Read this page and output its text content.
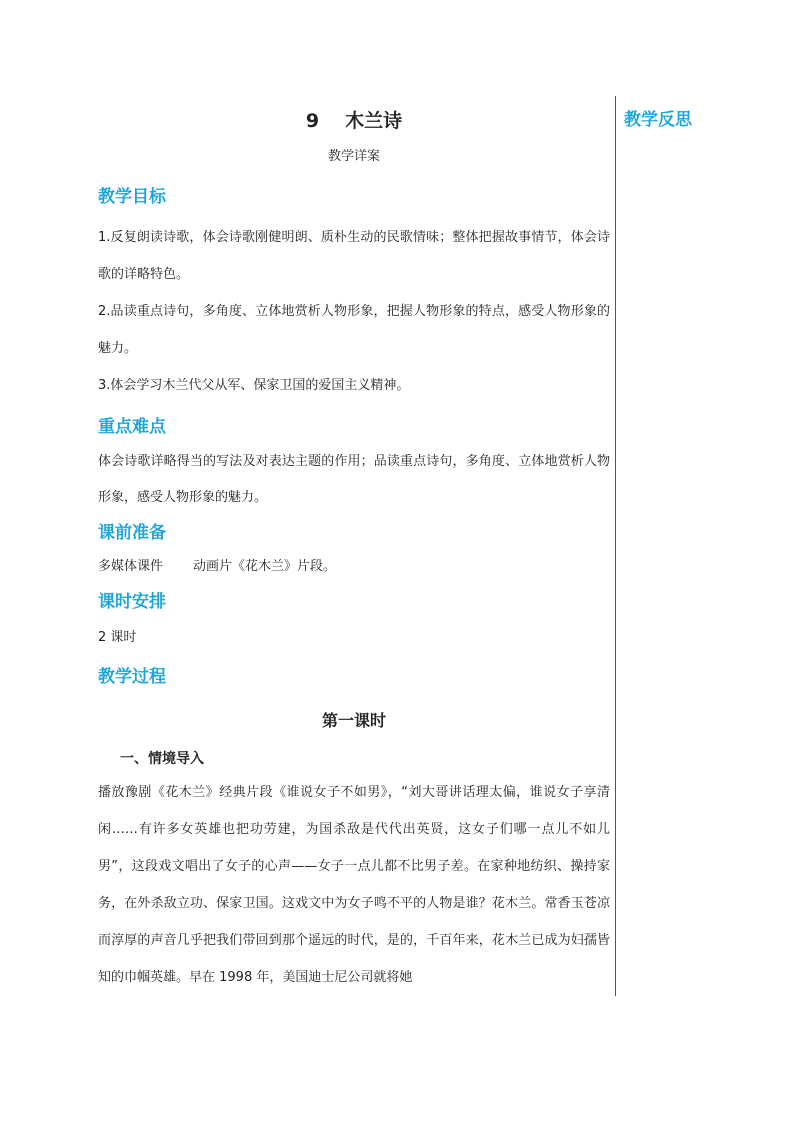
教学反思
9 木兰诗
教学详案
教学目标

1.反复朗读诗歌，体会诗歌刚健明朗、质朴生动的民歌情味；整体把握故事情节，体会诗歌的详略特色。

2.品读重点诗句，多角度、立体地赏析人物形象，把握人物形象的特点，感受人物形象的魅力。

3.体会学习木兰代父从军、保家卫国的爱国主义精神。

重点难点

体会诗歌详略得当的写法及对表达主题的作用；品读重点诗句，多角度、立体地赏析人物形象，感受人物形象的魅力。

课前准备

多媒体课件 动画片《花木兰》片段。

课时安排

2 课时

教学过程
第一课时
一、情境导入

播放豫剧《花木兰》经典片段《谁说女子不如男》，“刘大哥讲话理太偏，谁说女子享清闲……有许多女英雄也把功劳建，为国杀敌是代代出英贤，这女子们哪一点儿不如儿男”，这段戏文唱出了女子的心声——女子一点儿都不比男子差。在家种地纺织、操持家务，在外杀敌立功、保家卫国。这戏文中为女子鸣不平的人物是谁？花木兰。常香玉苍凉而淳厚的声音几乎把我们带回到那个遥远的时代，是的，千百年来，花木兰已成为妇孺皆知的巾帼英雄。早在 1998 年，美国迪士尼公司就将她
